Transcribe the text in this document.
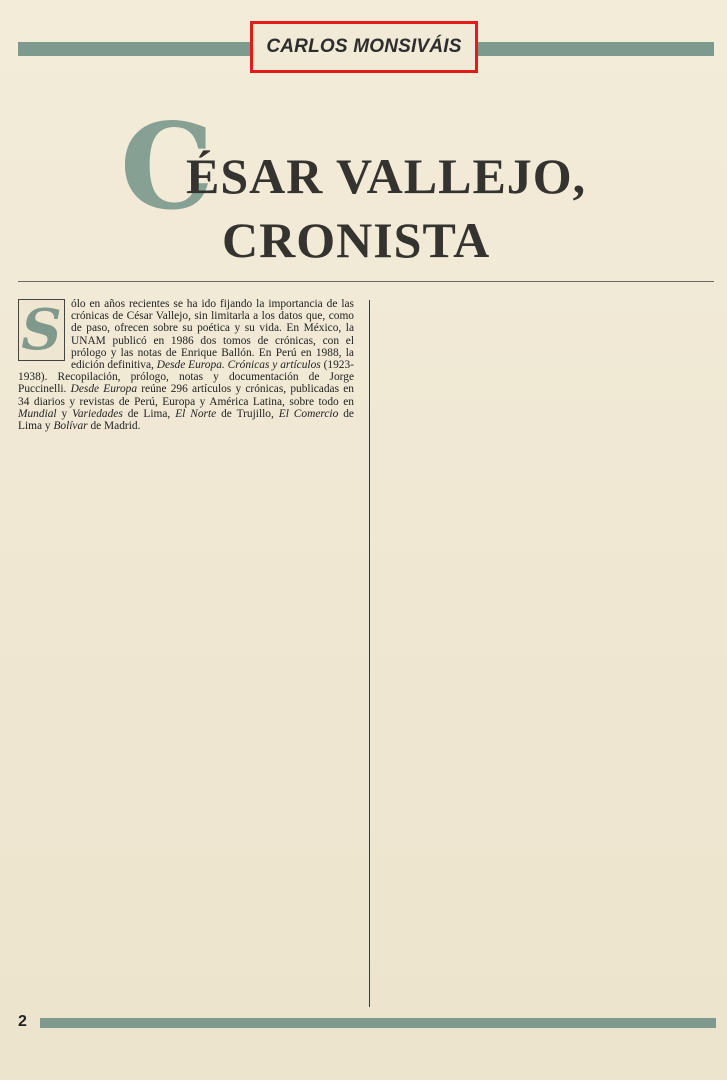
CARLOS MONSIVÁIS
C
ÉSAR VALLEJO,
CRONISTA
S ólo en años recientes se ha ido fijando la importancia de las crónicas de César Vallejo, sin limitarla a los datos que, como de paso, ofrecen sobre su poética y su vida. En México, la UNAM publicó en 1986 dos tomos de crónicas, con el prólogo y las notas de Enrique Ballón. En Perú en 1988, la edición definitiva, Desde Europa. Crónicas y artículos (1923-1938). Recopilación, prólogo, notas y documentación de Jorge Puccinelli. Desde Europa reúne 296 artículos y crónicas, publicadas en 34 diarios y revistas de Perú, Europa y América Latina, sobre todo en Mundial y Variedades de Lima, El Norte de Trujillo, El Comercio de Lima y Bolívar de Madrid.

2
